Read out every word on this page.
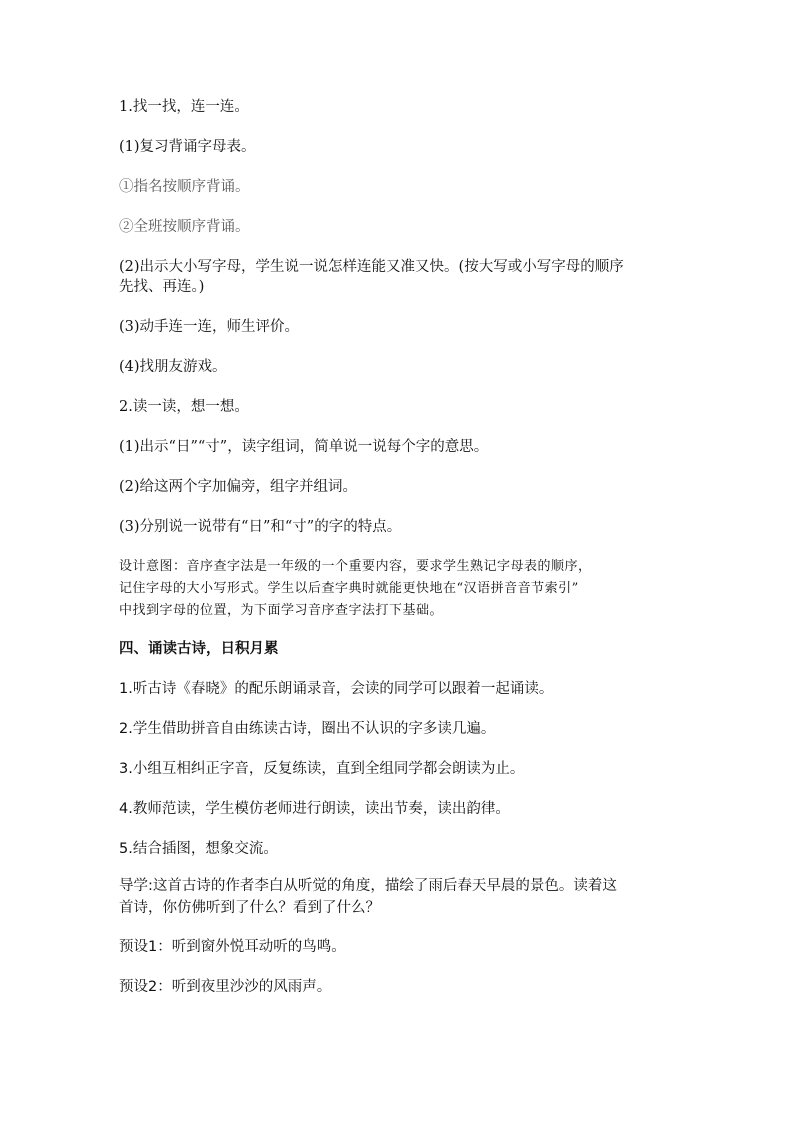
1.找一找，连一连。

(1)复习背诵字母表。

①指名按顺序背诵。

②全班按顺序背诵。

(2)出示大小写字母，学生说一说怎样连能又准又快。(按大写或小写字母的顺序

先找、再连。)

(3)动手连一连，师生评价。

(4)找朋友游戏。

2.读一读，想一想。

(1)出示“日”“寸”，读字组词，简单说一说每个字的意思。

(2)给这两个字加偏旁，组字并组词。

(3)分别说一说带有“日”和“寸”的字的特点。

设计意图：音序查字法是一年级的一个重要内容，要求学生熟记字母表的顺序，

记住字母的大小写形式。学生以后查字典时就能更快地在“汉语拼音音节索引”

中找到字母的位置，为下面学习音序查字法打下基础。

四、诵读古诗，日积月累

1.听古诗《春晓》的配乐朗诵录音，会读的同学可以跟着一起诵读。

2.学生借助拼音自由练读古诗，圈出不认识的字多读几遍。

3.小组互相纠正字音，反复练读，直到全组同学都会朗读为止。

4.教师范读，学生模仿老师进行朗读，读出节奏，读出韵律。

5.结合插图，想象交流。

导学:这首古诗的作者李白从听觉的角度，描绘了雨后春天早晨的景色。读着这

首诗，你仿佛听到了什么？看到了什么？

预设1：听到窗外悦耳动听的鸟鸣。

预设2：听到夜里沙沙的风雨声。
